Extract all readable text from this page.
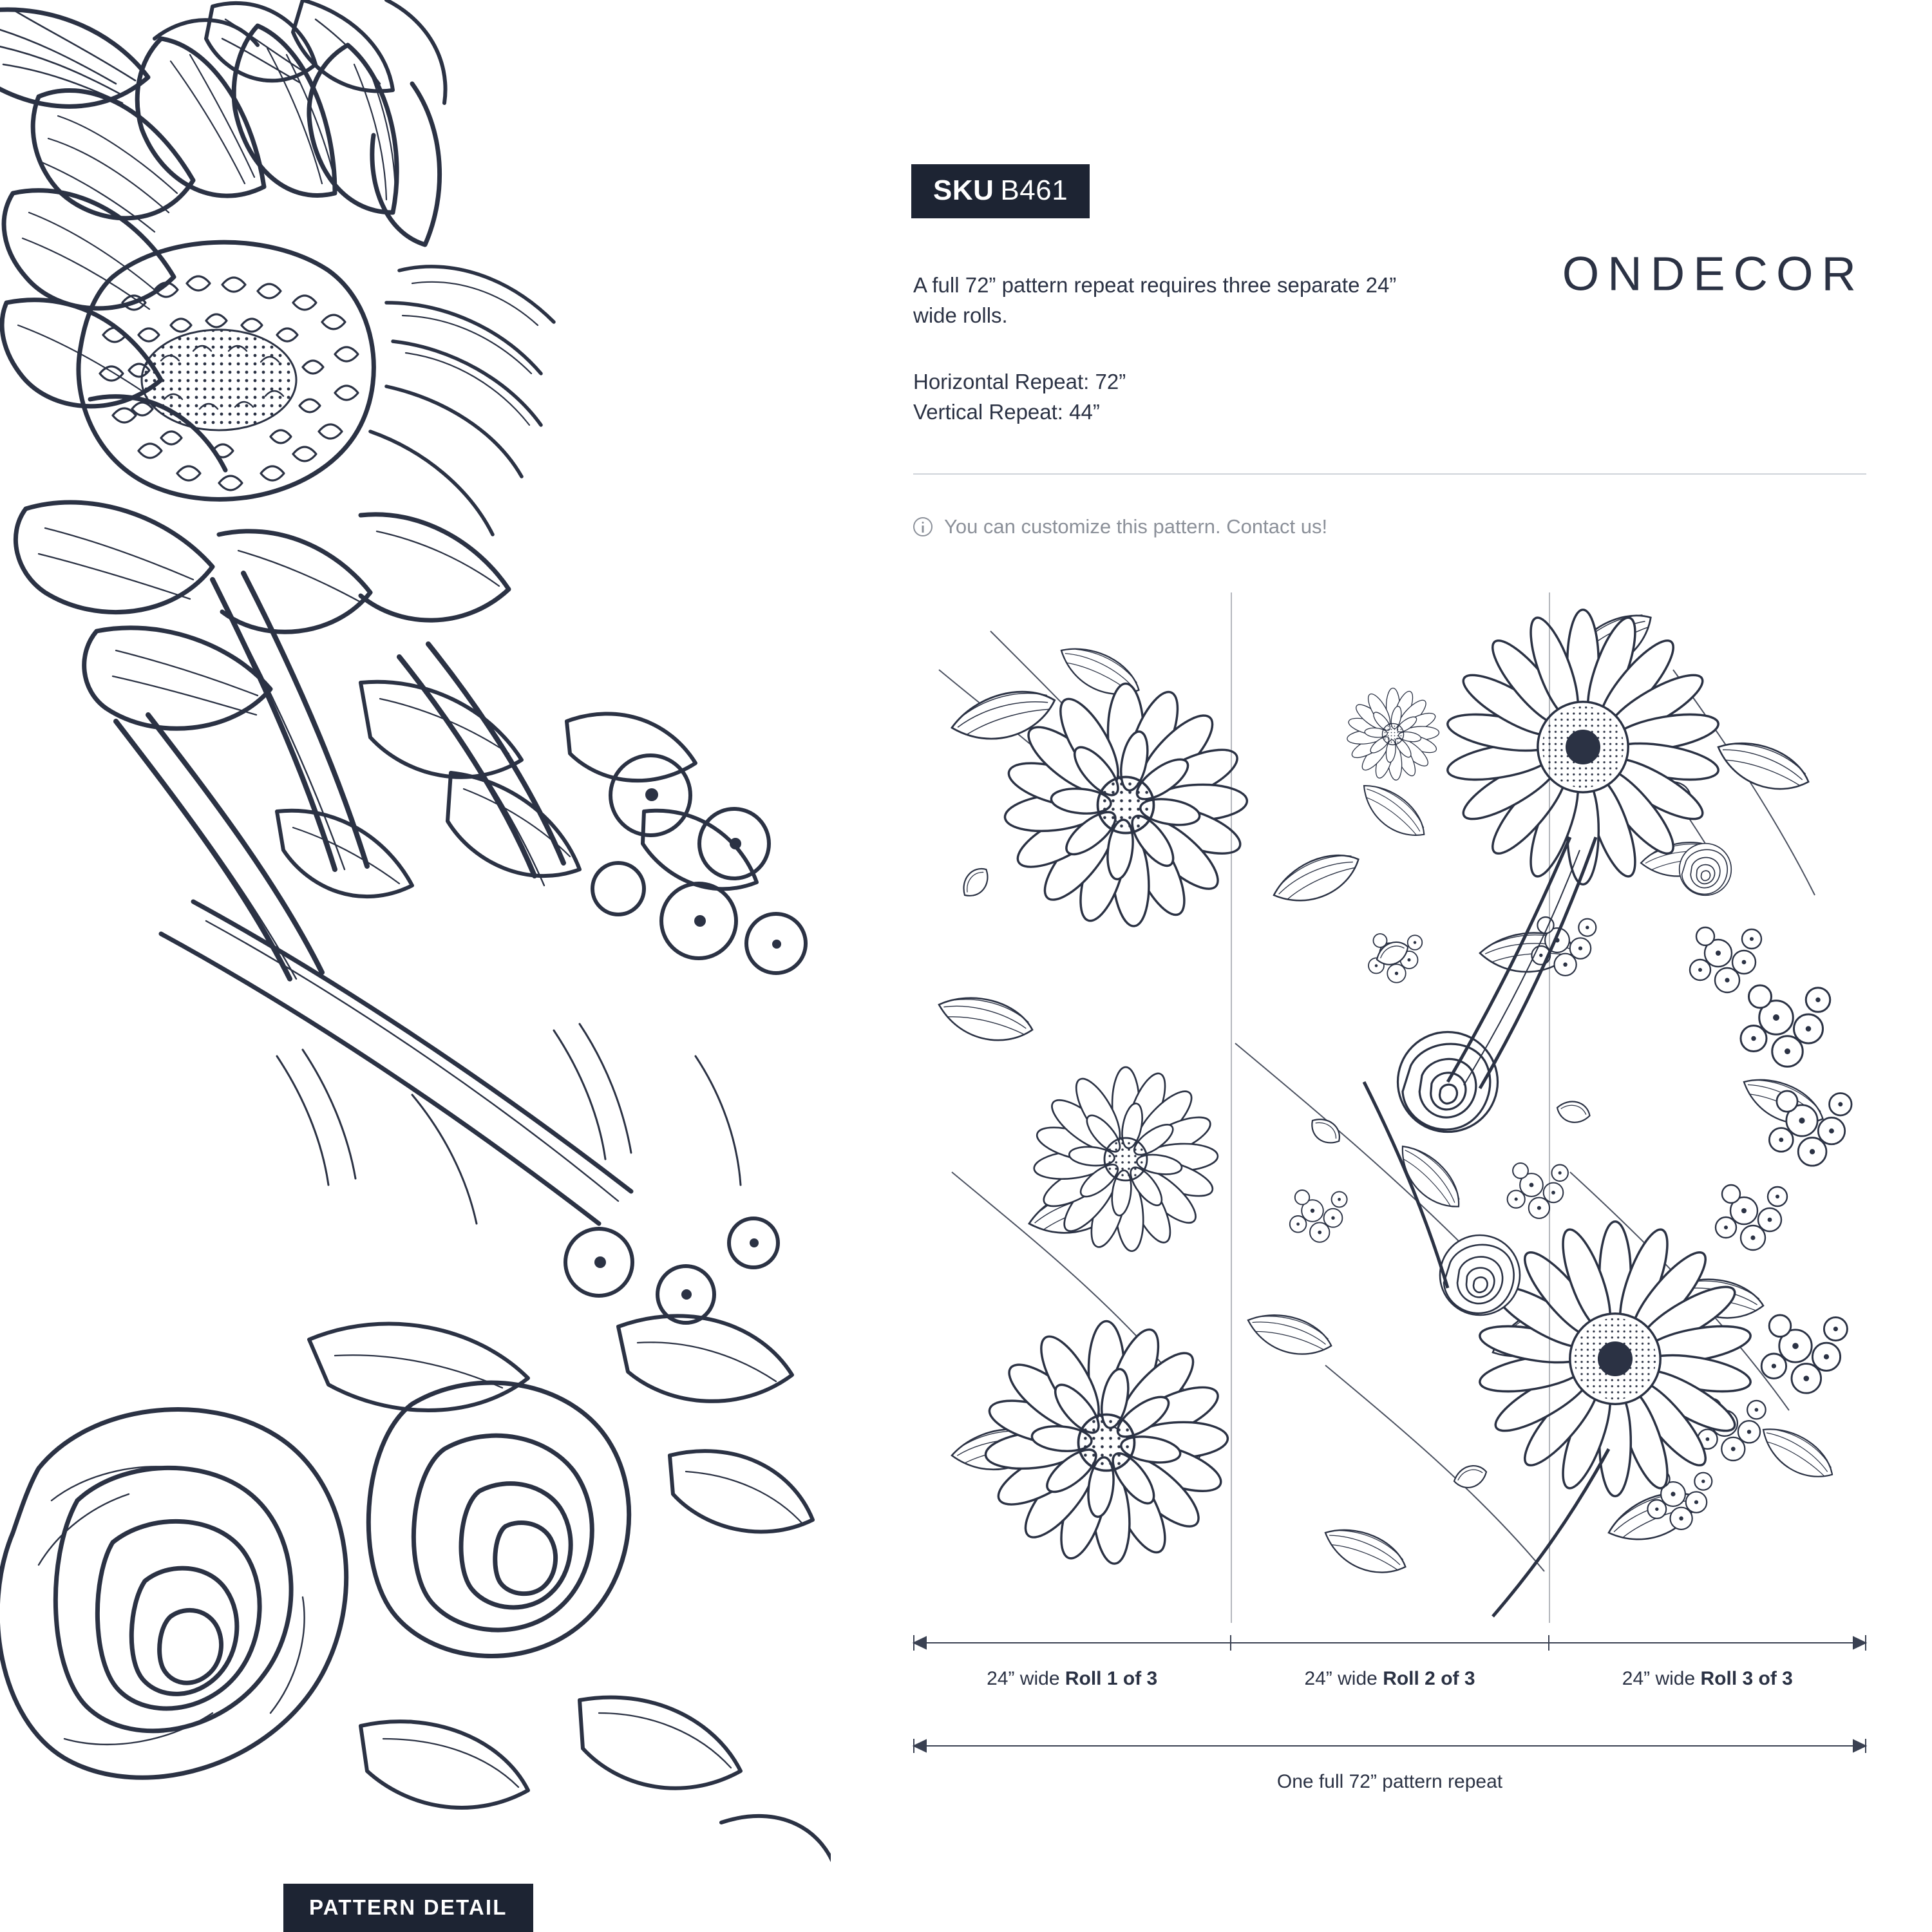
PATTERN DETAIL
SKU B461
A full 72” pattern repeat requires three separate 24” wide rolls.
Horizontal Repeat: 72”
Vertical Repeat: 44”
ONDECOR
You can customize this pattern. Contact us!
24” wide Roll 1 of 3	24” wide Roll 2 of 3	24” wide Roll 3 of 3
One full 72” pattern repeat
